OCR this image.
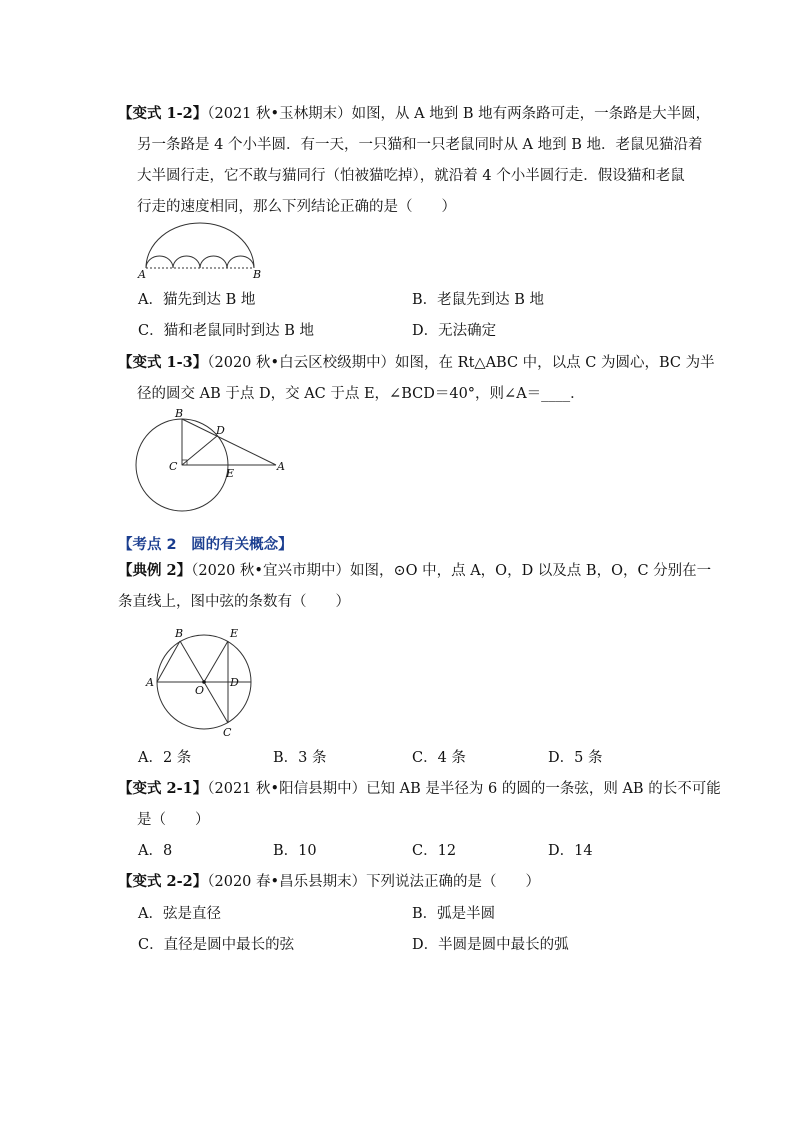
【变式 1-2】（2021 秋•玉林期末）如图，从 A 地到 B 地有两条路可走，一条路是大半圆，
另一条路是 4 个小半圆．有一天，一只猫和一只老鼠同时从 A 地到 B 地．老鼠见猫沿着
大半圆行走，它不敢与猫同行（怕被猫吃掉），就沿着 4 个小半圆行走．假设猫和老鼠
行走的速度相同，那么下列结论正确的是（　　）
A	B
A．猫先到达 B 地	B．老鼠先到达 B 地
C．猫和老鼠同时到达 B 地	D．无法确定
【变式 1-3】（2020 秋•白云区校级期中）如图，在 Rt△ABC 中，以点 C 为圆心，BC 为半
径的圆交 AB 于点 D，交 AC 于点 E，∠BCD＝40°，则∠A＝____．
B
D
C
E
A
【考点 2　圆的有关概念】
【典例 2】（2020 秋•宜兴市期中）如图，⊙O 中，点 A，O，D 以及点 B，O，C 分别在一
条直线上，图中弦的条数有（　　）
B	E
A
O
D
C
A．2 条	B．3 条	C．4 条	D．5 条
【变式 2-1】（2021 秋•阳信县期中）已知 AB 是半径为 6 的圆的一条弦，则 AB 的长不可能
是（　　）
A．8	B．10	C．12	D．14
【变式 2-2】（2020 春•昌乐县期末）下列说法正确的是（　　）
A．弦是直径	B．弧是半圆
C．直径是圆中最长的弦	D．半圆是圆中最长的弧
